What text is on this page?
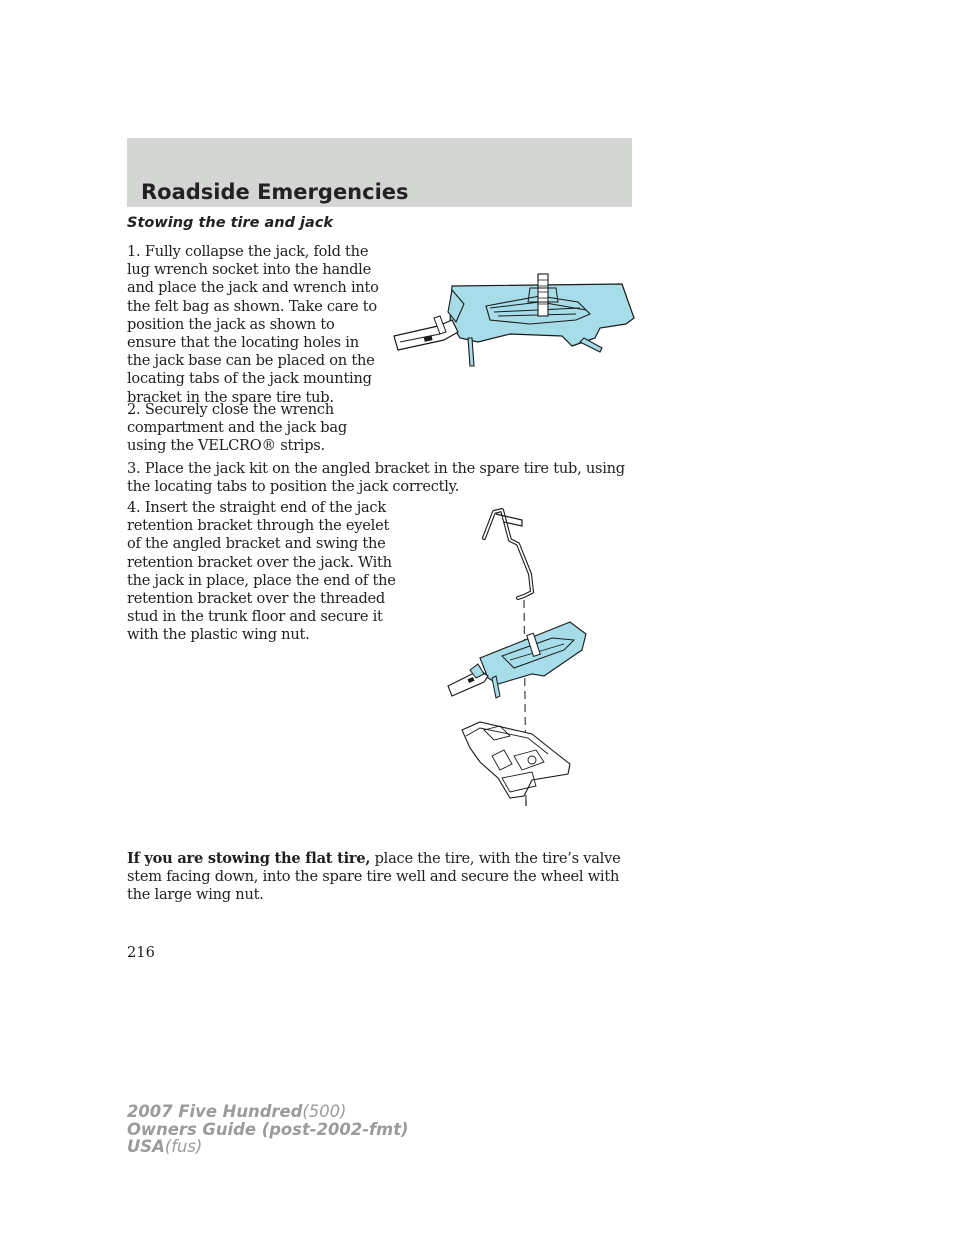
Roadside Emergencies
Stowing the tire and jack

1. Fully collapse the jack, fold the lug wrench socket into the handle and place the jack and wrench into the felt bag as shown. Take care to position the jack as shown to ensure that the locating holes in the jack base can be placed on the locating tabs of the jack mounting bracket in the spare tire tub.

2. Securely close the wrench compartment and the jack bag using the VELCRO® strips.

3. Place the jack kit on the angled bracket in the spare tire tub, using the locating tabs to position the jack correctly.

4. Insert the straight end of the jack retention bracket through the eyelet of the angled bracket and swing the retention bracket over the jack. With the jack in place, place the end of the retention bracket over the threaded stud in the trunk floor and secure it with the plastic wing nut.

If you are stowing the flat tire, place the tire, with the tire’s valve stem facing down, into the spare tire well and secure the wheel with the large wing nut.

216

2007 Five Hundred(500)
Owners Guide (post-2002-fmt)
USA(fus)
